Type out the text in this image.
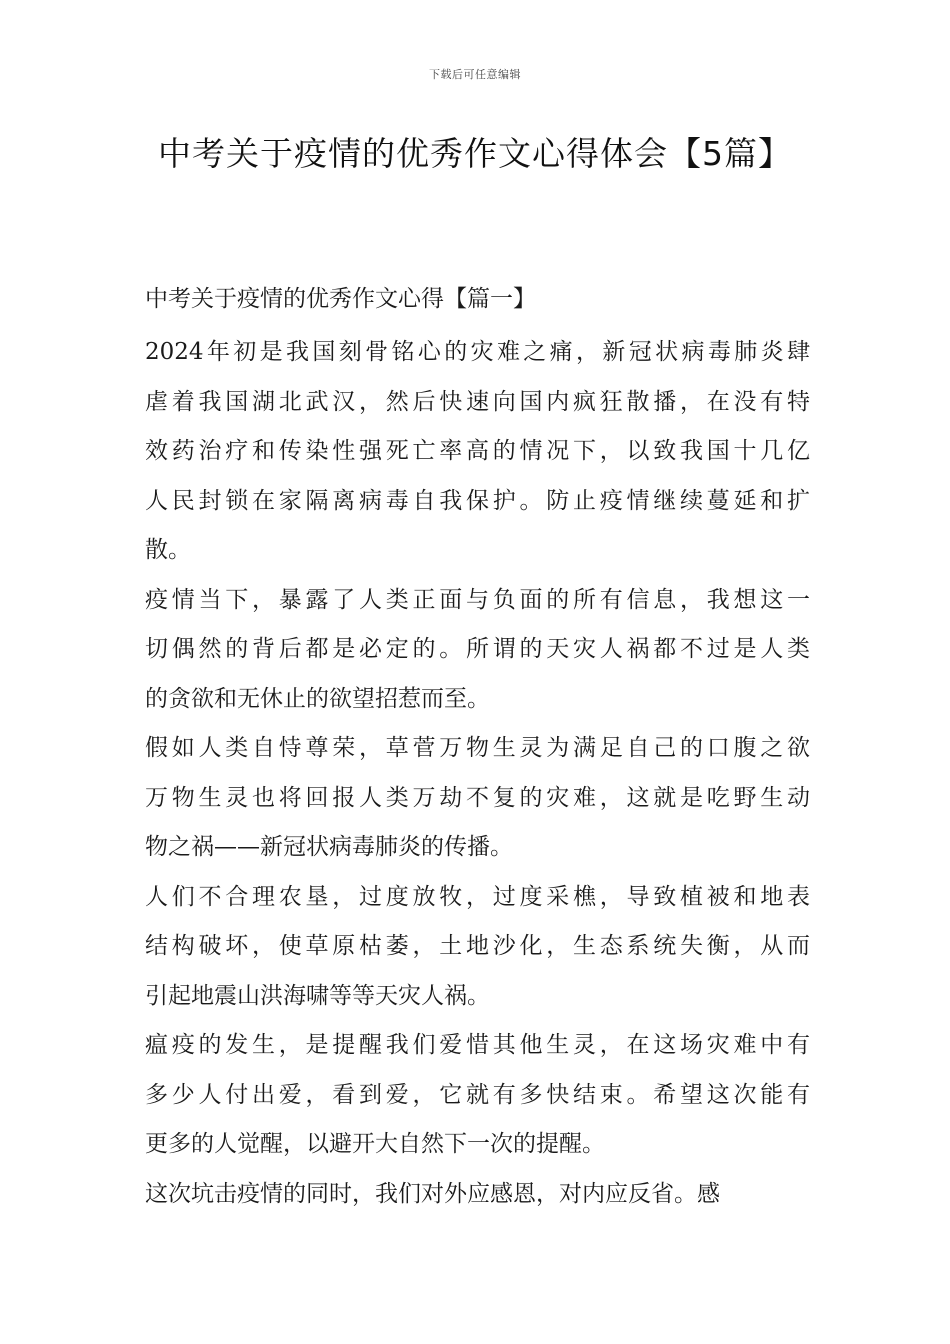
下载后可任意编辑
中考关于疫情的优秀作文心得体会【5篇】
中考关于疫情的优秀作文心得【篇一】
2024年初是我国刻骨铭心的灾难之痛，新冠状病毒肺炎肆
虐着我国湖北武汉，然后快速向国内疯狂散播，在没有特
效药治疗和传染性强死亡率高的情况下，以致我国十几亿
人民封锁在家隔离病毒自我保护。防止疫情继续蔓延和扩
散。
疫情当下，暴露了人类正面与负面的所有信息，我想这一
切偶然的背后都是必定的。所谓的天灾人祸都不过是人类
的贪欲和无休止的欲望招惹而至。
假如人类自恃尊荣，草菅万物生灵为满足自己的口腹之欲
万物生灵也将回报人类万劫不复的灾难，这就是吃野生动
物之祸——新冠状病毒肺炎的传播。
人们不合理农垦，过度放牧，过度采樵，导致植被和地表
结构破坏，使草原枯萎，土地沙化，生态系统失衡，从而
引起地震山洪海啸等等天灾人祸。
瘟疫的发生，是提醒我们爱惜其他生灵，在这场灾难中有
多少人付出爱，看到爱，它就有多快结束。希望这次能有
更多的人觉醒，以避开大自然下一次的提醒。
这次坑击疫情的同时，我们对外应感恩，对内应反省。感
